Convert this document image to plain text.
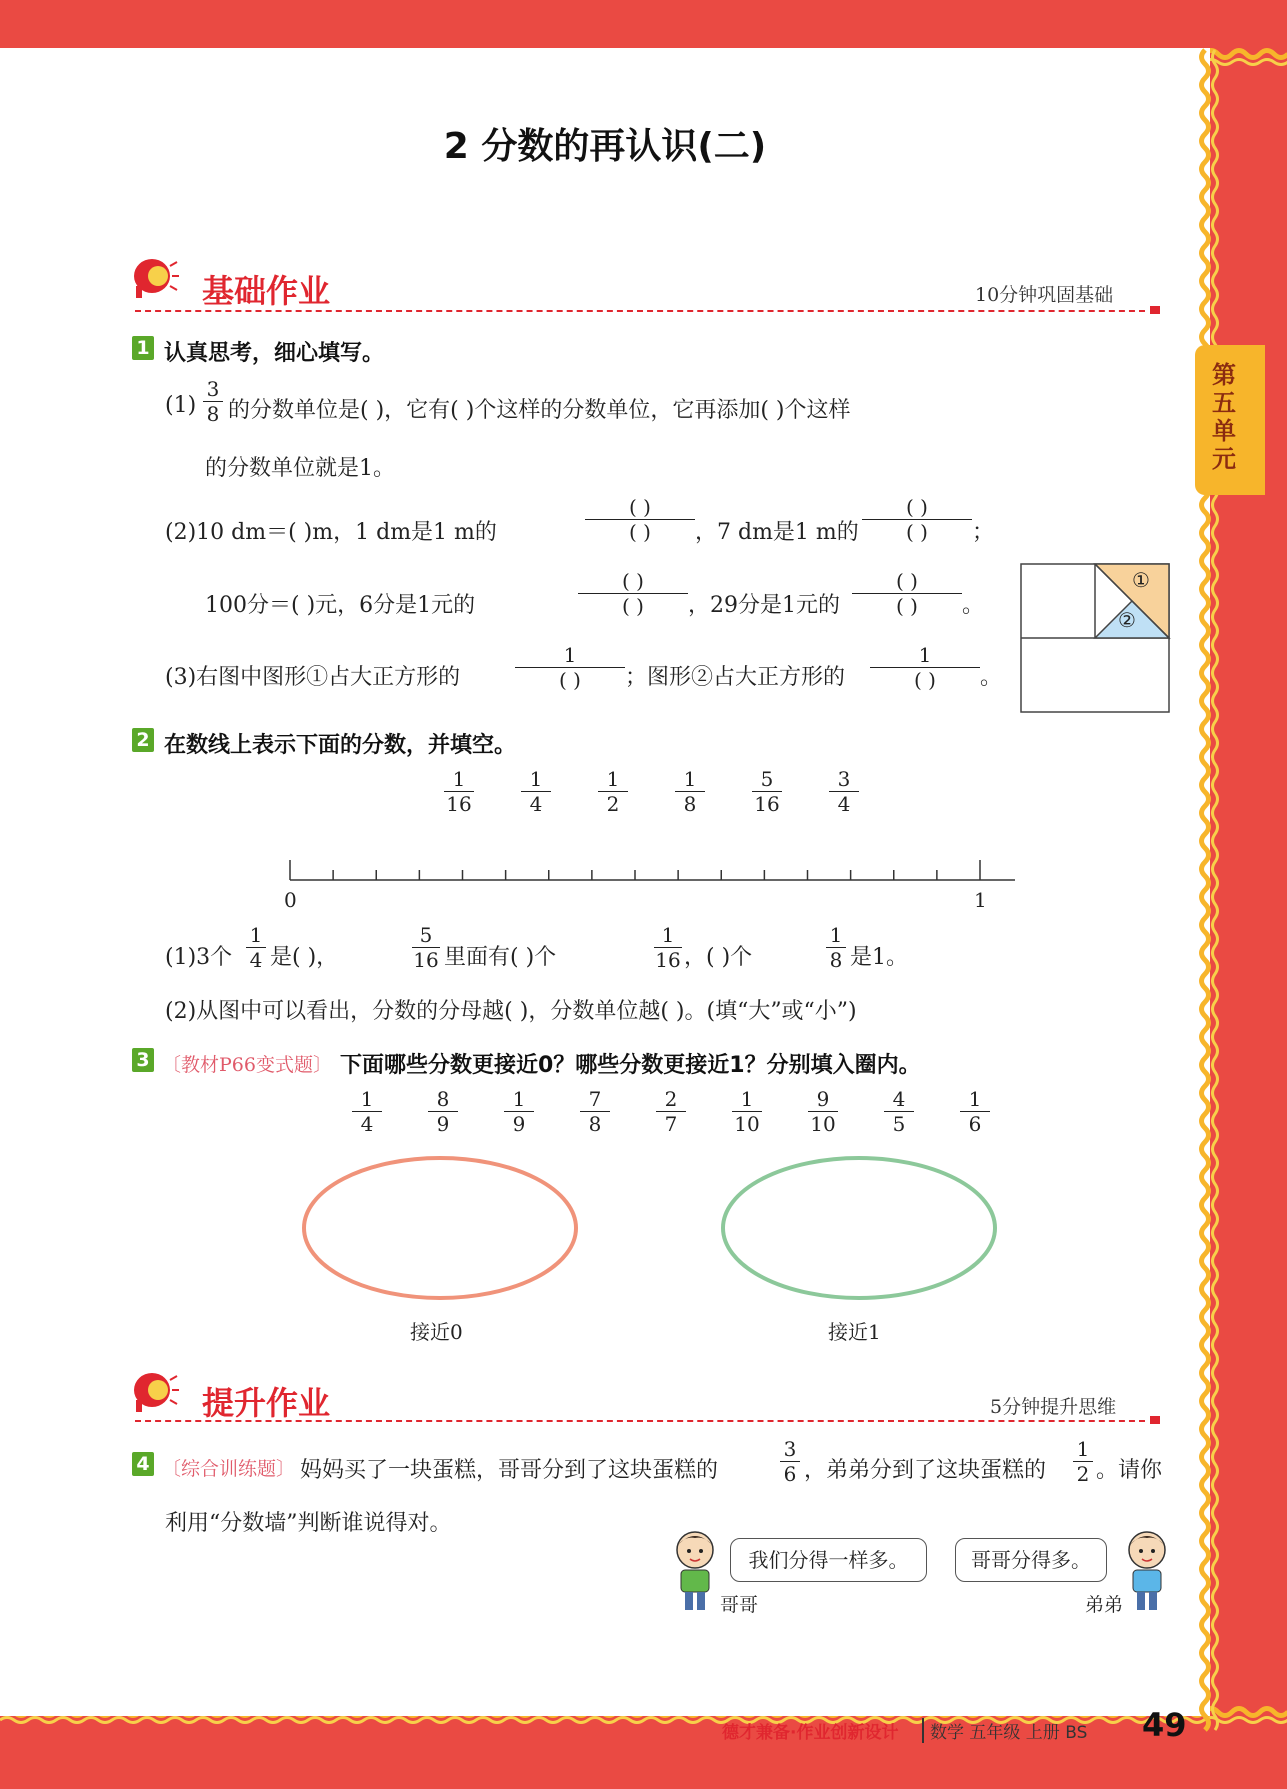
2 分数的再认识(二)
基础作业	10分钟巩固基础
1 认真思考，细心填写。
(1)
3
8 的分数单位是( )，它有( )个这样的分数单位，它再添加( )个这样
的分数单位就是1。
(2)10 dm＝( )m，1 dm是1 m的
( )
( )	，7 dm是1 m的
( )
( )	；
100分＝( )元，6分是1元的
( )
( )	，29分是1元的
( )
( )	。
(3)右图中图形①占大正方形的
1
( )	；图形②占大正方形的
1
( )	。
①
②
2 在数线上表示下面的分数，并填空。
1
16
1
4
1
2
1
8
5
16
3
4
0	1
(1)3个
1
4 是( )，
5
16 里面有( )个
1
16 ，( )个
1
8 是1。
(2)从图中可以看出，分数的分母越( )，分数单位越( )。(填“大”或“小”)
3 〔教材P66变式题〕 下面哪些分数更接近0？哪些分数更接近1？分别填入圈内。
1
4
8
9
1
9
7
8
2
7
1
10
9
10
4
5
1
6
接近0	接近1
提升作业	5分钟提升思维
4 〔综合训练题〕 妈妈买了一块蛋糕，哥哥分到了这块蛋糕的
3
6 ，弟弟分到了这块蛋糕的
1
2 。请你
利用“分数墙”判断谁说得对。
我们分得一样多。
哥哥
哥哥分得多。
弟弟
德才兼备·作业创新设计	数学 五年级 上册 BS 49
第五单元
